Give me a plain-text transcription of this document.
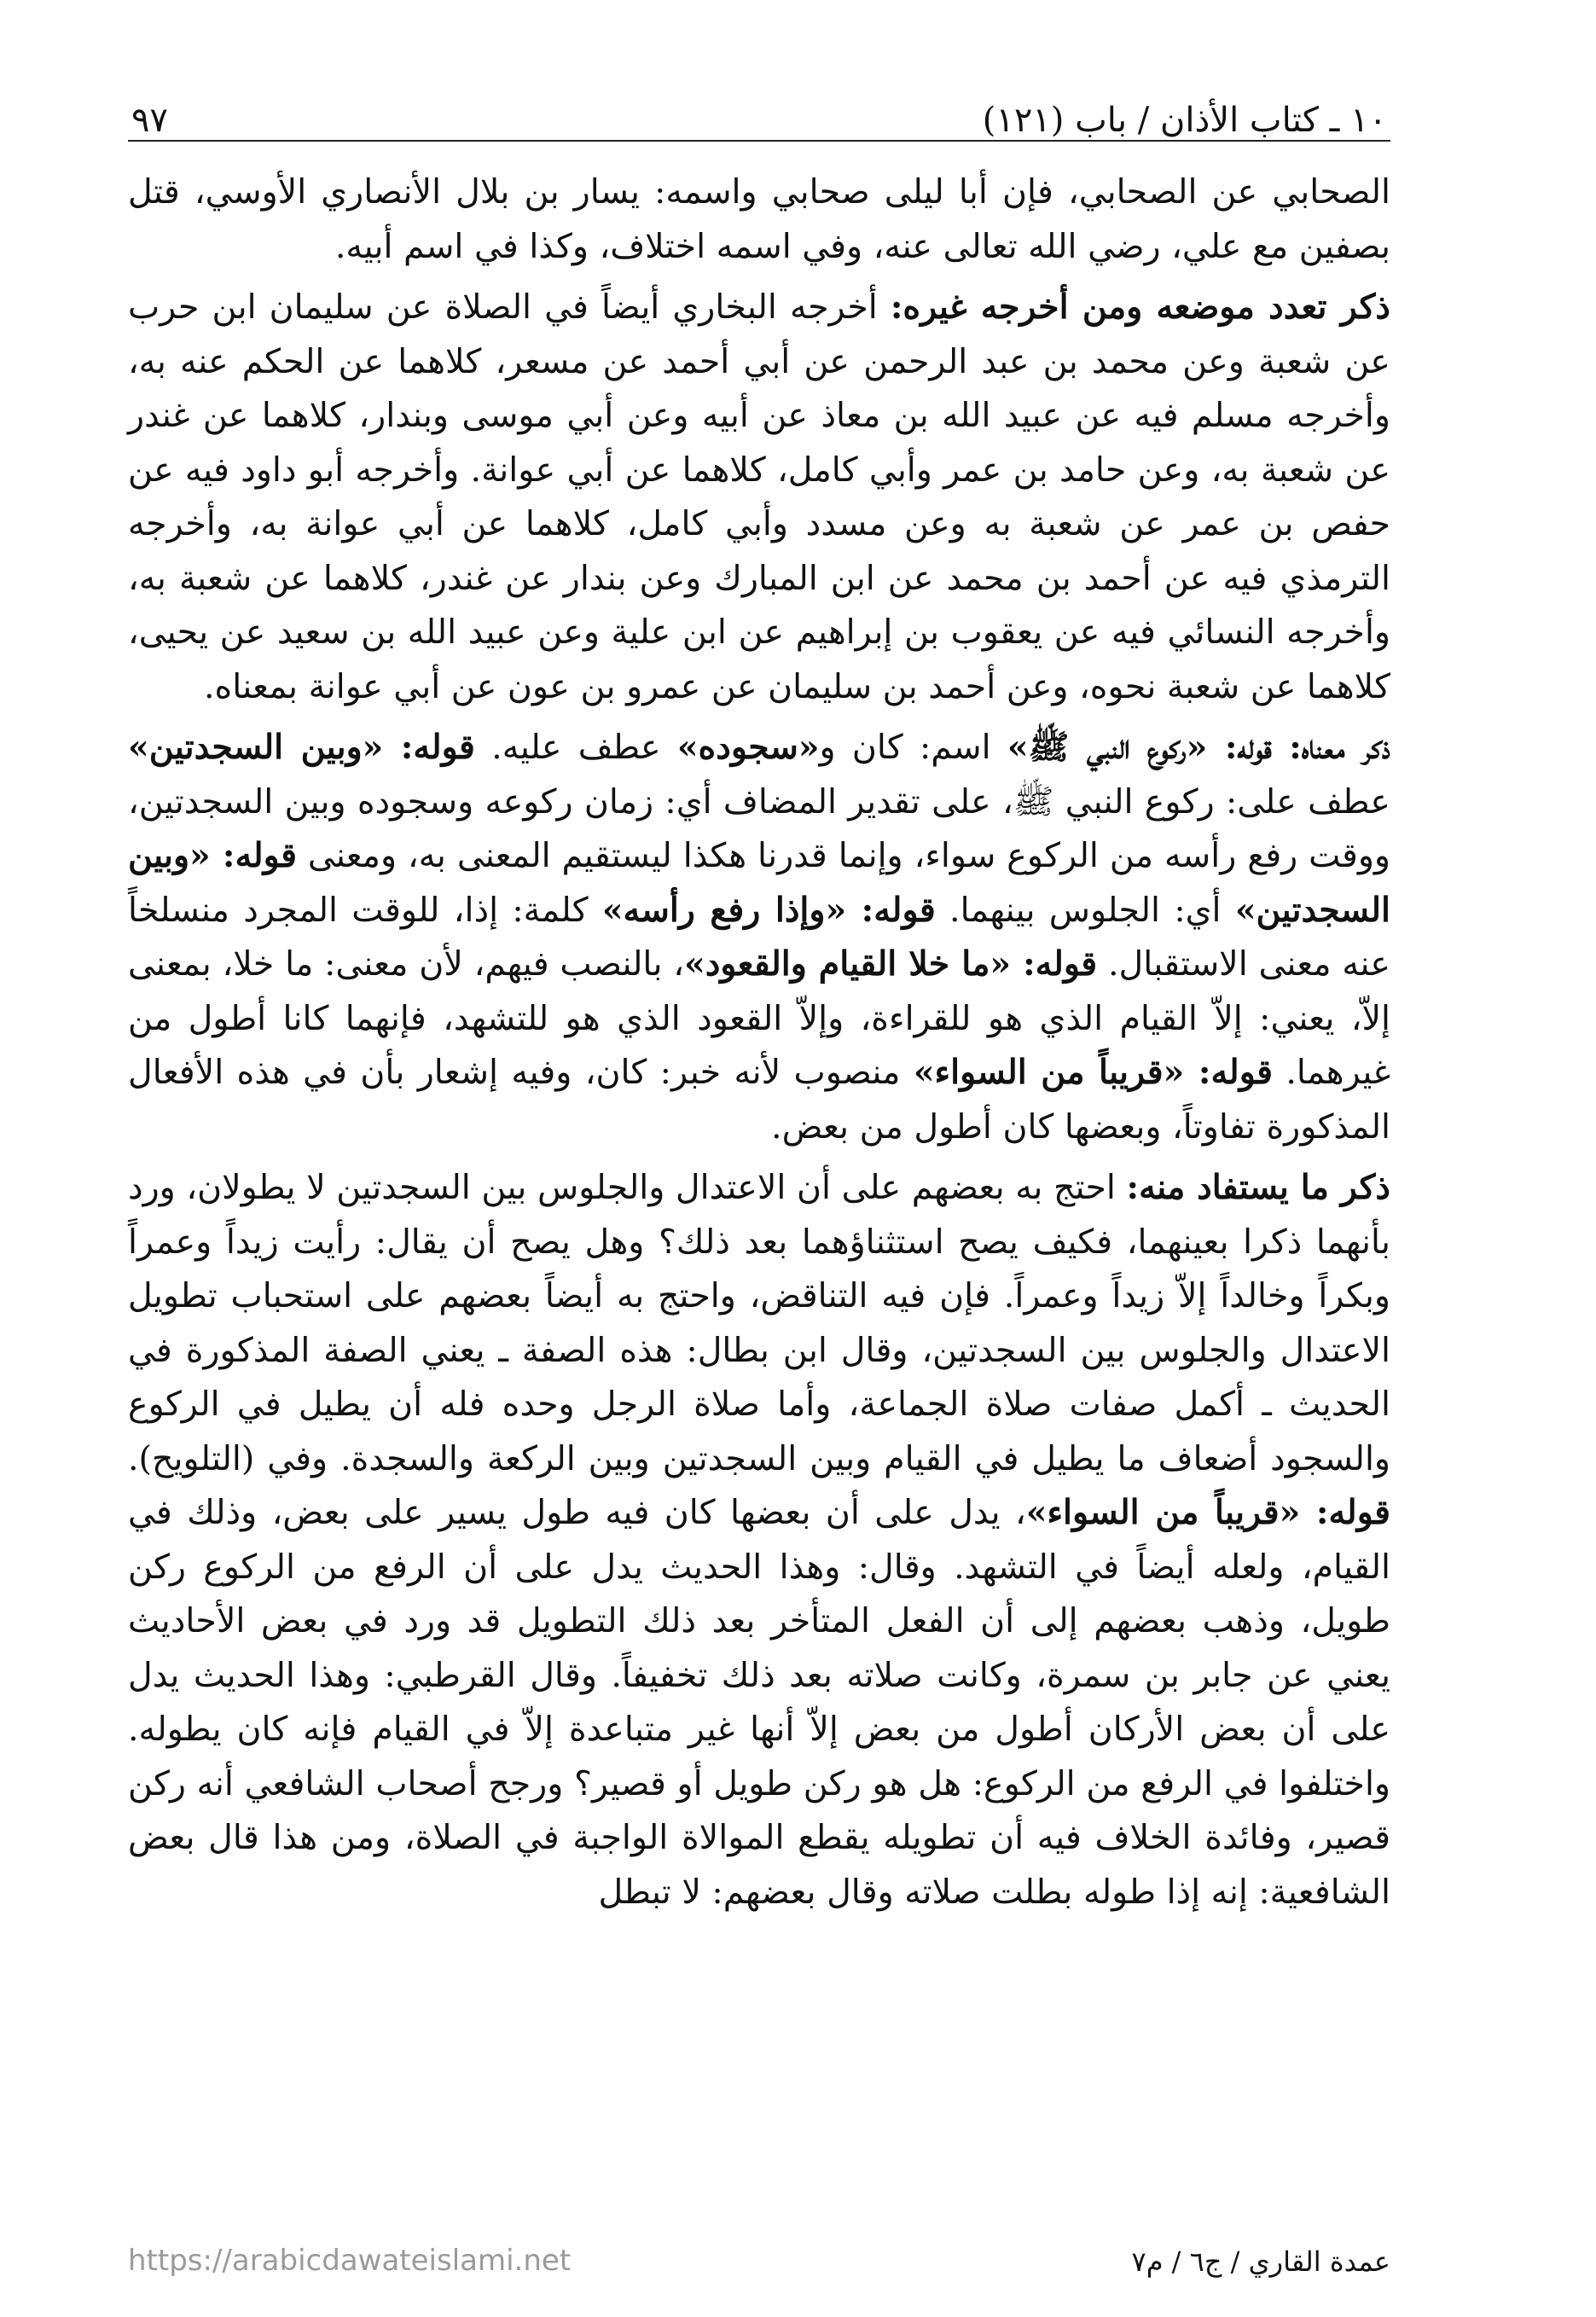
١٠ ـ كتاب الأذان / باب (١٢١)
٩٧

الصحابي عن الصحابي، فإن أبا ليلى صحابي واسمه: يسار بن بلال الأنصاري الأوسي، قتل بصفين مع علي، رضي الله تعالى عنه، وفي اسمه اختلاف، وكذا في اسم أبيه.

ذكر تعدد موضعه ومن أخرجه غيره: أخرجه البخاري أيضاً في الصلاة عن سليمان ابن حرب عن شعبة وعن محمد بن عبد الرحمن عن أبي أحمد عن مسعر، كلاهما عن الحكم عنه به، وأخرجه مسلم فيه عن عبيد الله بن معاذ عن أبيه وعن أبي موسى وبندار، كلاهما عن غندر عن شعبة به، وعن حامد بن عمر وأبي كامل، كلاهما عن أبي عوانة. وأخرجه أبو داود فيه عن حفص بن عمر عن شعبة به وعن مسدد وأبي كامل، كلاهما عن أبي عوانة به، وأخرجه الترمذي فيه عن أحمد بن محمد عن ابن المبارك وعن بندار عن غندر، كلاهما عن شعبة به، وأخرجه النسائي فيه عن يعقوب بن إبراهيم عن ابن علية وعن عبيد الله بن سعيد عن يحيى، كلاهما عن شعبة نحوه، وعن أحمد بن سليمان عن عمرو بن عون عن أبي عوانة بمعناه.

ذكر معناه: قوله: «ركوع النبي ﷺ» اسم: كان و«سجوده» عطف عليه. قوله: «وبين السجدتين» عطف على: ركوع النبي ﷺ، على تقدير المضاف أي: زمان ركوعه وسجوده وبين السجدتين، ووقت رفع رأسه من الركوع سواء، وإنما قدرنا هكذا ليستقيم المعنى به، ومعنى قوله: «وبين السجدتين» أي: الجلوس بينهما. قوله: «وإذا رفع رأسه» كلمة: إذا، للوقت المجرد منسلخاً عنه معنى الاستقبال. قوله: «ما خلا القيام والقعود»، بالنصب فيهم، لأن معنى: ما خلا، بمعنى إلاّ، يعني: إلاّ القيام الذي هو للقراءة، وإلاّ القعود الذي هو للتشهد، فإنهما كانا أطول من غيرهما. قوله: «قريباً من السواء» منصوب لأنه خبر: كان، وفيه إشعار بأن في هذه الأفعال المذكورة تفاوتاً، وبعضها كان أطول من بعض.

ذكر ما يستفاد منه: احتج به بعضهم على أن الاعتدال والجلوس بين السجدتين لا يطولان، ورد بأنهما ذكرا بعينهما، فكيف يصح استثناؤهما بعد ذلك؟ وهل يصح أن يقال: رأيت زيداً وعمراً وبكراً وخالداً إلاّ زيداً وعمراً. فإن فيه التناقض، واحتج به أيضاً بعضهم على استحباب تطويل الاعتدال والجلوس بين السجدتين، وقال ابن بطال: هذه الصفة ـ يعني الصفة المذكورة في الحديث ـ أكمل صفات صلاة الجماعة، وأما صلاة الرجل وحده فله أن يطيل في الركوع والسجود أضعاف ما يطيل في القيام وبين السجدتين وبين الركعة والسجدة. وفي (التلويح). قوله: «قريباً من السواء»، يدل على أن بعضها كان فيه طول يسير على بعض، وذلك في القيام، ولعله أيضاً في التشهد. وقال: وهذا الحديث يدل على أن الرفع من الركوع ركن طويل، وذهب بعضهم إلى أن الفعل المتأخر بعد ذلك التطويل قد ورد في بعض الأحاديث يعني عن جابر بن سمرة، وكانت صلاته بعد ذلك تخفيفاً. وقال القرطبي: وهذا الحديث يدل على أن بعض الأركان أطول من بعض إلاّ أنها غير متباعدة إلاّ في القيام فإنه كان يطوله. واختلفوا في الرفع من الركوع: هل هو ركن طويل أو قصير؟ ورجح أصحاب الشافعي أنه ركن قصير، وفائدة الخلاف فيه أن تطويله يقطع الموالاة الواجبة في الصلاة، ومن هذا قال بعض الشافعية: إنه إذا طوله بطلت صلاته وقال بعضهم: لا تبطل

عمدة القاري / ج٦ / م٧
https://arabicdawateislami.net
